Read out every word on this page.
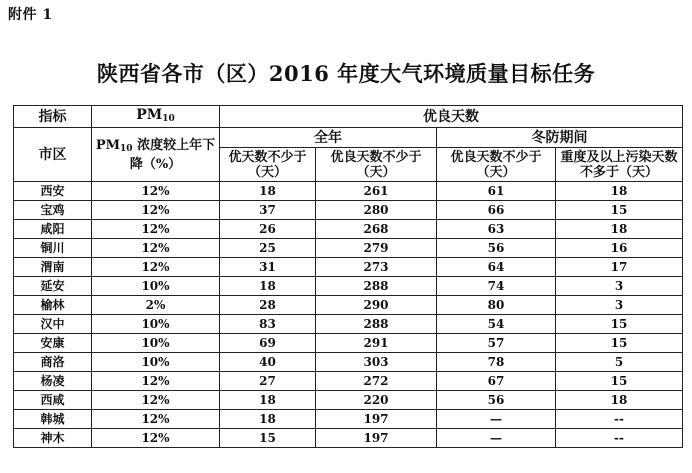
附件 1
陕西省各市（区）2016 年度大气环境质量目标任务
指标	PM10	优良天数			
市区	PM10 浓度较上年下降（%）	全年		冬防期间	
		优天数不少于（天）	优良天数不少于（天）	优良天数不少于（天）	重度及以上污染天数不多于（天）
西安	12%	18	261	61	18
宝鸡	12%	37	280	66	15
咸阳	12%	26	268	63	18
铜川	12%	25	279	56	16
渭南	12%	31	273	64	17
延安	10%	18	288	74	3
榆林	2%	28	290	80	3
汉中	10%	83	288	54	15
安康	10%	69	291	57	15
商洛	10%	40	303	78	5
杨凌	12%	27	272	67	15
西咸	12%	18	220	56	18
韩城	12%	18	197	—	--
神木	12%	15	197	—	--
